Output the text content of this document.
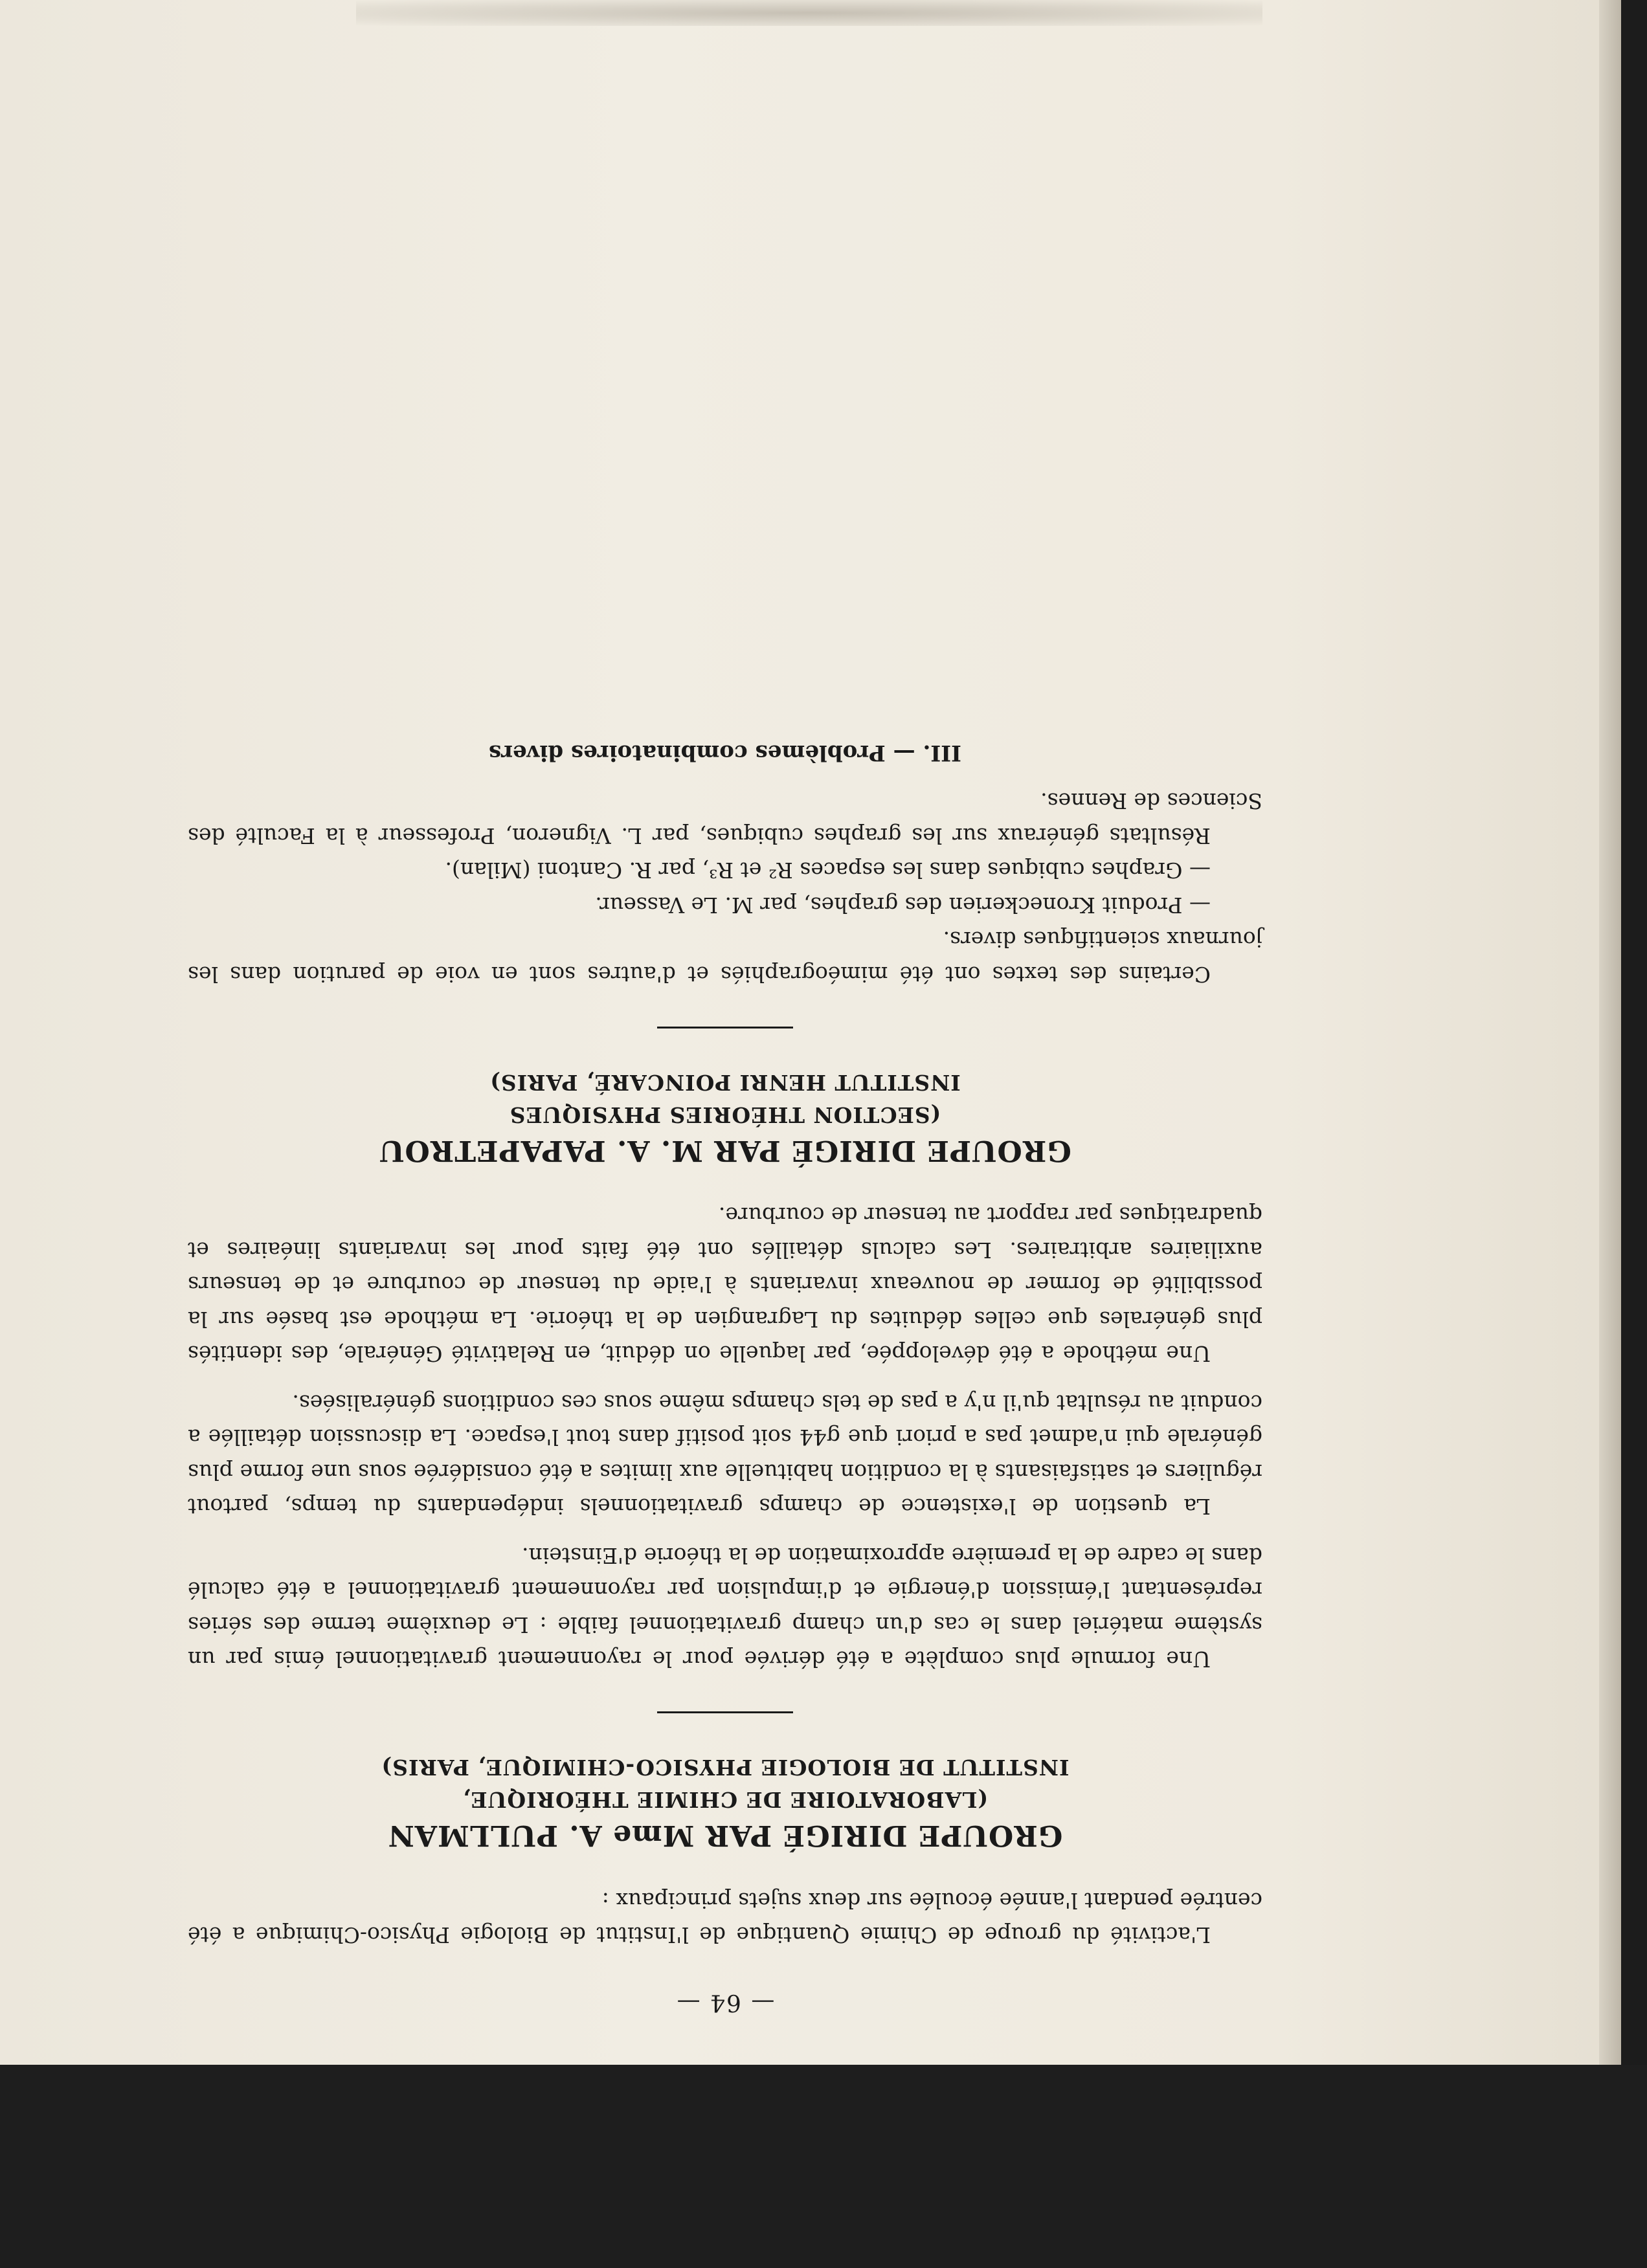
— 64 —

L'activité du groupe de Chimie Quantique de l'Institut de Biologie Physico-Chimique a été centrée pendant l'année écoulée sur deux sujets principaux :

GROUPE DIRIGÉ PAR Mme A. PULLMAN

(LABORATOIRE DE CHIMIE THÉORIQUE,

INSTITUT DE BIOLOGIE PHYSICO-CHIMIQUE, PARIS)

Une formule plus complète a été dérivée pour le rayonnement gravitationnel émis par un système matériel dans le cas d'un champ gravitationnel faible : Le deuxième terme des séries représentant l'émission d'énergie et d'impulsion par rayonnement gravitationnel a été calculé dans le cadre de la première approximation de la théorie d'Einstein.

La question de l'existence de champs gravitationnels indépendants du temps, partout réguliers et satisfaisants à la condition habituelle aux limites a été considérée sous une forme plus générale qui n'admet pas a priori que g44 soit positif dans tout l'espace. La discussion détaillée a conduit au résultat qu'il n'y a pas de tels champs même sous ces conditions généralisées.

Une méthode a été développée, par laquelle on déduit, en Relativité Générale, des identités plus générales que celles déduites du Lagrangien de la théorie. La méthode est basée sur la possibilité de former de nouveaux invariants à l'aide du tenseur de courbure et de tenseurs auxiliaires arbitraires. Les calculs détaillés ont été faits pour les invariants linéaires et quadratiques par rapport au tenseur de courbure.

GROUPE DIRIGÉ PAR M. A. PAPAPETROU

(SECTION THÉORIES PHYSIQUES

INSTITUT HENRI POINCARÉ, PARIS)

Certains des textes ont été miméographiés et d'autres sont en voie de parution dans les journaux scientifiques divers.

— Produit Kroneckerien des graphes, par M. Le Vasseur.

— Graphes cubiques dans les espaces R² et R³, par R. Cantoni (Milan).

Résultats généraux sur les graphes cubiques, par L. Vigneron, Professeur à la Faculté des Sciences de Rennes.

III. — Problèmes combinatoires divers
